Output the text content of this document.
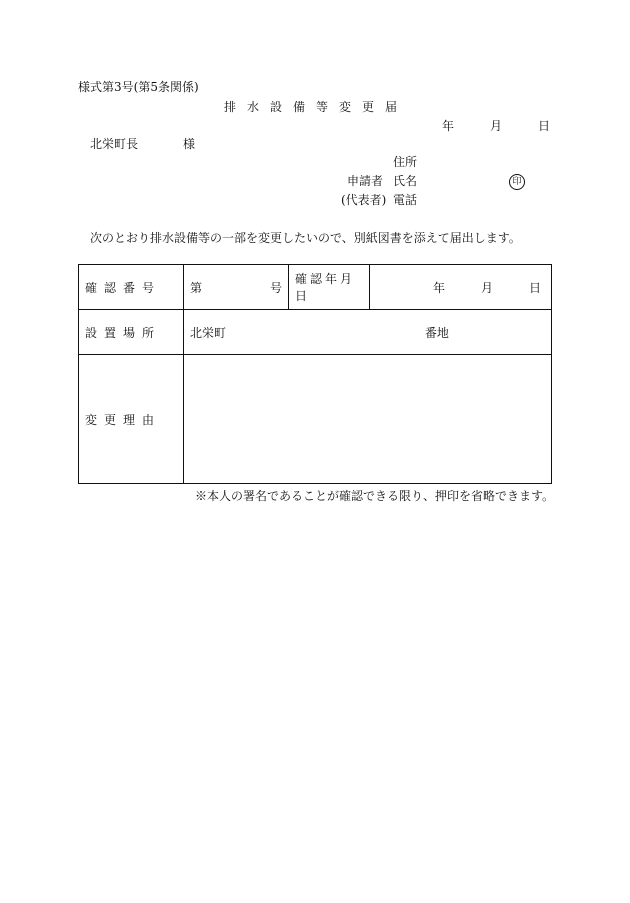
様式第3号(第5条関係)
排水設備等変更届
年　　月　　日
北栄町長	様
住所
申請者 氏名	印
(代表者) 電話
次のとおり排水設備等の一部を変更したいので、別紙図書を添えて届出します。
確認番号	第 号	確認年月日	年　　月　　日

設置場所	北栄町 番地		

変更理由			

※本人の署名であることが確認できる限り、押印を省略できます。
